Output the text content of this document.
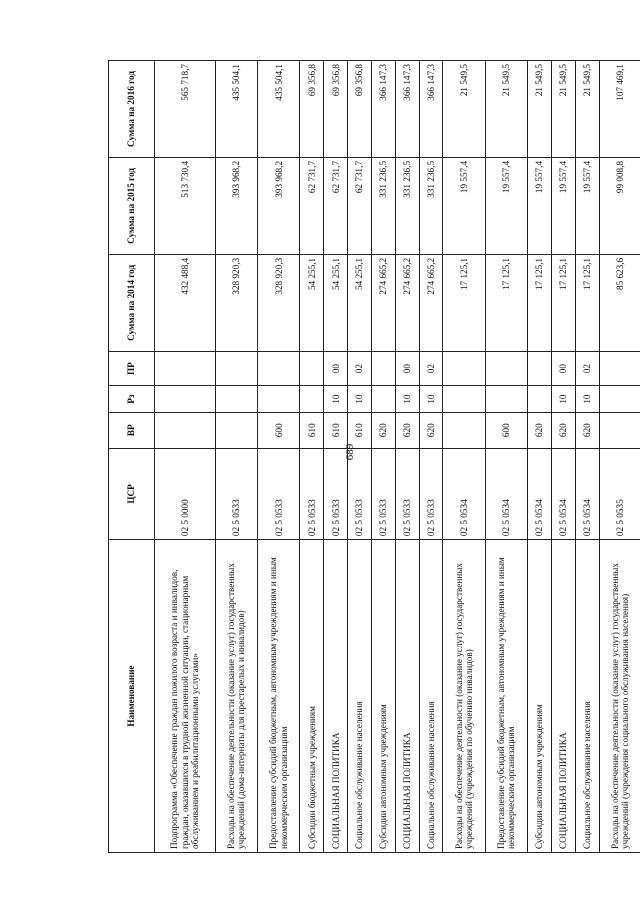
689
Наименование	ЦСР	ВР	Рз	ПР	Сумма на 2014 год	Сумма на 2015 год	Сумма на 2016 год
Подпрограмма «Обеспечение граждан пожилого возраста и инвалидов, граждан, оказавшихся в трудной жизненной ситуации, стационарным обслуживанием и реабилитационными услугами»	02 5 0000				432 488,4	513 730,4	565 718,7
Расходы на обеспечение деятельности (оказание услуг) государственных учреждений (дома-интернаты для престарелых и инвалидов)	02 5 0533				328 920,3	393 968,2	435 504,1
Предоставление субсидий бюджетным, автономным учреждениям и иным некоммерческим организациям	02 5 0533	600			328 920,3	393 968,2	435 504,1
Субсидии бюджетным учреждениям	02 5 0533	610			54 255,1	62 731,7	69 356,8
СОЦИАЛЬНАЯ ПОЛИТИКА	02 5 0533	610	10	00	54 255,1	62 731,7	69 356,8
Социальное обслуживание населения	02 5 0533	610	10	02	54 255,1	62 731,7	69 356,8
Субсидии автономным учреждениям	02 5 0533	620			274 665,2	331 236,5	366 147,3
СОЦИАЛЬНАЯ ПОЛИТИКА	02 5 0533	620	10	00	274 665,2	331 236,5	366 147,3
Социальное обслуживание населения	02 5 0533	620	10	02	274 665,2	331 236,5	366 147,3
Расходы на обеспечение деятельности (оказание услуг) государственных учреждений (учреждения по обучению инвалидов)	02 5 0534				17 125,1	19 557,4	21 549,5
Предоставление субсидий бюджетным, автономным учреждениям и иным некоммерческим организациям	02 5 0534	600			17 125,1	19 557,4	21 549,5
Субсидии автономным учреждениям	02 5 0534	620			17 125,1	19 557,4	21 549,5
СОЦИАЛЬНАЯ ПОЛИТИКА	02 5 0534	620	10	00	17 125,1	19 557,4	21 549,5
Социальное обслуживание населения	02 5 0534	620	10	02	17 125,1	19 557,4	21 549,5
Расходы на обеспечение деятельности (оказание услуг) государственных учреждений (учреждения социального обслуживания населения)	02 5 0535				85 623,6	99 008,8	107 469,1
